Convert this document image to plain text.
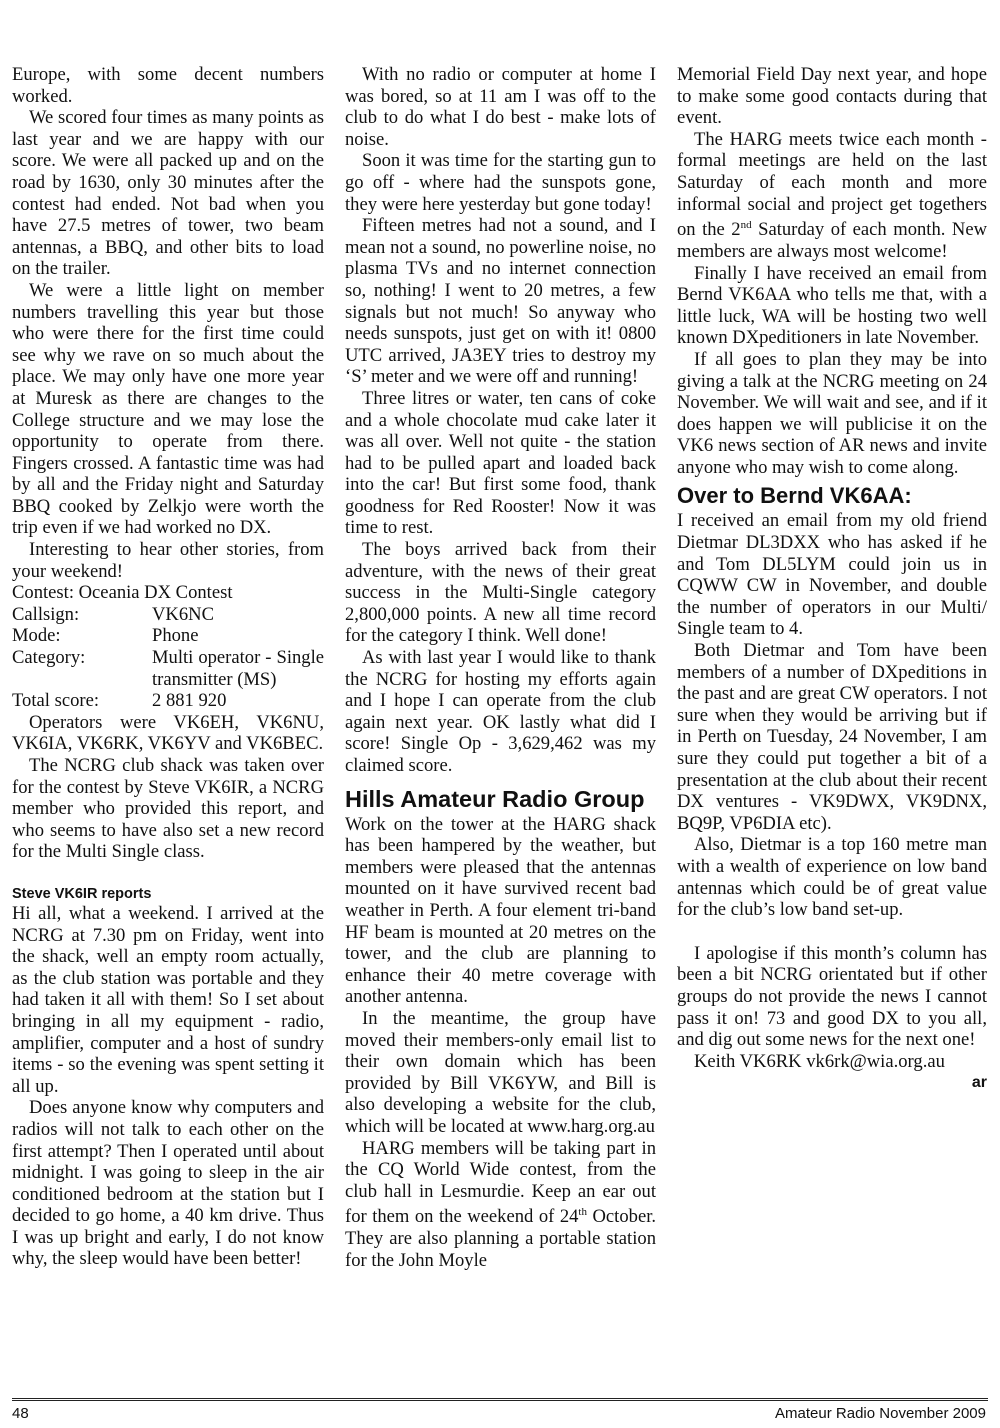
Europe, with some decent numbers worked.

We scored four times as many points as last year and we are happy with our score. We were all packed up and on the road by 1630, only 30 minutes after the contest had ended. Not bad when you have 27.5 metres of tower, two beam antennas, a BBQ, and other bits to load on the trailer.

We were a little light on member numbers travelling this year but those who were there for the first time could see why we rave on so much about the place. We may only have one more year at Muresk as there are changes to the College structure and we may lose the opportunity to operate from there. Fingers crossed. A fantastic time was had by all and the Friday night and Saturday BBQ cooked by Zelkjo were worth the trip even if we had worked no DX.

Interesting to hear other stories, from your weekend!

Contest: Oceania DX Contest
Callsign:	VK6NC
Mode:	Phone
Category:	Multi operator - Single transmitter (MS)
Total score:	2 881 920

Operators were VK6EH, VK6NU, VK6IA, VK6RK, VK6YV and VK6BEC.

The NCRG club shack was taken over for the contest by Steve VK6IR, a NCRG member who provided this report, and who seems to have also set a new record for the Multi Single class.

Steve VK6IR reports

Hi all, what a weekend. I arrived at the NCRG at 7.30 pm on Friday, went into the shack, well an empty room actually, as the club station was portable and they had taken it all with them! So I set about bringing in all my equipment - radio, amplifier, computer and a host of sundry items - so the evening was spent setting it all up.

Does anyone know why computers and radios will not talk to each other on the first attempt? Then I operated until about midnight. I was going to sleep in the air conditioned bedroom at the station but I decided to go home, a 40 km drive. Thus I was up bright and early, I do not know why, the sleep would have been better!

With no radio or computer at home I was bored, so at 11 am I was off to the club to do what I do best - make lots of noise.

Soon it was time for the starting gun to go off - where had the sunspots gone, they were here yesterday but gone today!

Fifteen metres had not a sound, and I mean not a sound, no powerline noise, no plasma TVs and no internet connection so, nothing! I went to 20 metres, a few signals but not much! So anyway who needs sunspots, just get on with it! 0800 UTC arrived, JA3EY tries to destroy my ‘S’ meter and we were off and running!

Three litres or water, ten cans of coke and a whole chocolate mud cake later it was all over. Well not quite - the station had to be pulled apart and loaded back into the car! But first some food, thank goodness for Red Rooster! Now it was time to rest.

The boys arrived back from their adventure, with the news of their great success in the Multi-Single category 2,800,000 points. A new all time record for the category I think. Well done!

As with last year I would like to thank the NCRG for hosting my efforts again and I hope I can operate from the club again next year. OK lastly what did I score! Single Op - 3,629,462 was my claimed score.

Hills Amateur Radio Group

Work on the tower at the HARG shack has been hampered by the weather, but members were pleased that the antennas mounted on it have survived recent bad weather in Perth. A four element tri-band HF beam is mounted at 20 metres on the tower, and the club are planning to enhance their 40 metre coverage with another antenna.

In the meantime, the group have moved their members-only email list to their own domain which has been provided by Bill VK6YW, and Bill is also developing a website for the club, which will be located at www.harg.org.au

HARG members will be taking part in the CQ World Wide contest, from the club hall in Lesmurdie. Keep an ear out for them on the weekend of 24th October. They are also planning a portable station for the John Moyle

Memorial Field Day next year, and hope to make some good contacts during that event.

The HARG meets twice each month - formal meetings are held on the last Saturday of each month and more informal social and project get togethers on the 2nd Saturday of each month. New members are always most welcome!

Finally I have received an email from Bernd VK6AA who tells me that, with a little luck, WA will be hosting two well known DXpeditioners in late November.

If all goes to plan they may be into giving a talk at the NCRG meeting on 24 November. We will wait and see, and if it does happen we will publicise it on the VK6 news section of AR news and invite anyone who may wish to come along.

Over to Bernd VK6AA:

I received an email from my old friend Dietmar DL3DXX who has asked if he and Tom DL5LYM could join us in CQWW CW in November, and double the number of operators in our Multi/ Single team to 4.

Both Dietmar and Tom have been members of a number of DXpeditions in the past and are great CW operators. I not sure when they would be arriving but if in Perth on Tuesday, 24 November, I am sure they could put together a bit of a presentation at the club about their recent DX ventures - VK9DWX, VK9DNX, BQ9P, VP6DIA etc).

Also, Dietmar is a top 160 metre man with a wealth of experience on low band antennas which could be of great value for the club’s low band set-up.

I apologise if this month’s column has been a bit NCRG orientated but if other groups do not provide the news I cannot pass it on! 73 and good DX to you all, and dig out some news for the next one!

Keith VK6RK vk6rk@wia.org.au

ar
48	Amateur Radio November 2009
